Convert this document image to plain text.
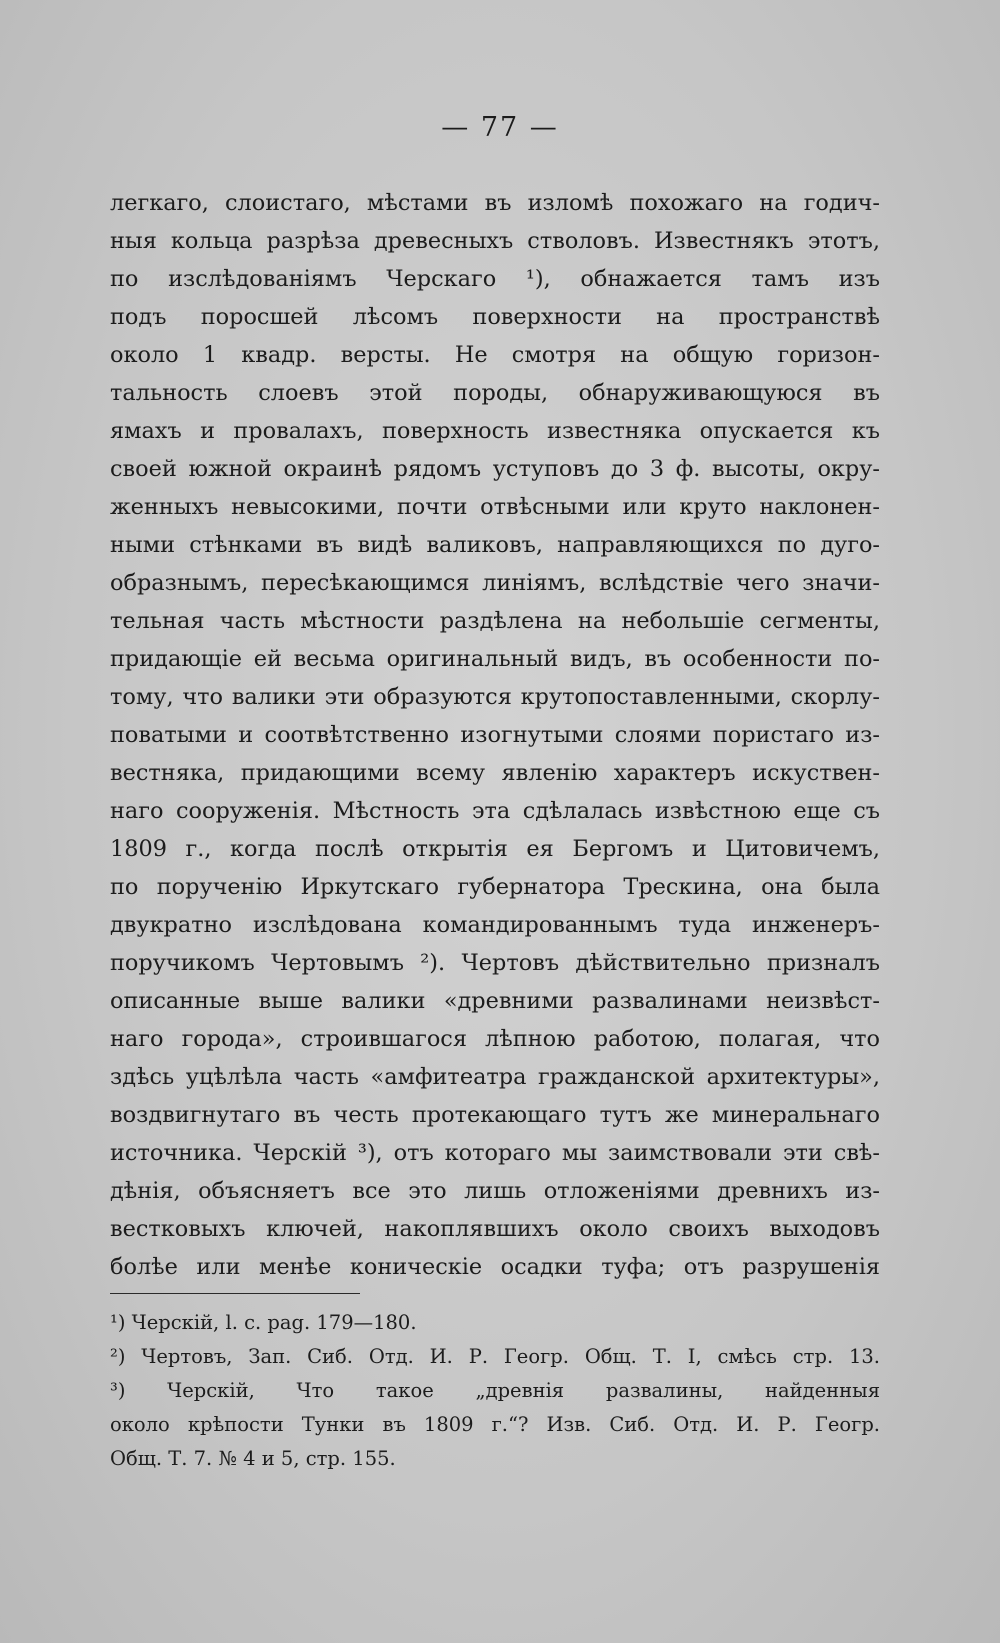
— 77 —
легкаго, слоистаго, мѣстами въ изломѣ похожаго на годич-
ныя кольца разрѣза древесныхъ стволовъ. Известнякъ этотъ,
по изслѣдованіямъ Черскаго ¹), обнажается тамъ изъ
подъ поросшей лѣсомъ поверхности на пространствѣ
около 1 квадр. версты. Не смотря на общую горизон-
тальность слоевъ этой породы, обнаруживающуюся въ
ямахъ и провалахъ, поверхность известняка опускается къ
своей южной окраинѣ рядомъ уступовъ до 3 ф. высоты, окру-
женныхъ невысокими, почти отвѣсными или круто наклонен-
ными стѣнками въ видѣ валиковъ, направляющихся по дуго-
образнымъ, пересѣкающимся линіямъ, вслѣдствіе чего значи-
тельная часть мѣстности раздѣлена на небольшіе сегменты,
придающіе ей весьма оригинальный видъ, въ особенности по-
тому, что валики эти образуются крутопоставленными, скорлу-
поватыми и соотвѣтственно изогнутыми слоями пористаго из-
вестняка, придающими всему явленію характеръ искуствен-
наго сооруженія. Мѣстность эта сдѣлалась извѣстною еще съ
1809 г., когда послѣ открытія ея Бергомъ и Цитовичемъ,
по порученію Иркутскаго губернатора Трескина, она была
двукратно изслѣдована командированнымъ туда инженеръ-
поручикомъ Чертовымъ ²). Чертовъ дѣйствительно призналъ
описанные выше валики «древними развалинами неизвѣст-
наго города», строившагося лѣпною работою, полагая, что
здѣсь уцѣлѣла часть «амфитеатра гражданской архитектуры»,
воздвигнутаго въ честь протекающаго тутъ же минеральнаго
источника. Черскій ³), отъ котораго мы заимствовали эти свѣ-
дѣнія, объясняетъ все это лишь отложеніями древнихъ из-
вестковыхъ ключей, накоплявшихъ около своихъ выходовъ
болѣе или менѣе коническіе осадки туфа; отъ разрушенія
¹) Черскій, l. c. pag. 179—180.
²) Чертовъ, Зап. Сиб. Отд. И. Р. Геогр. Общ. Т. I, смѣсь стр. 13.
³) Черскій, Что такое „древнія развалины, найденныя
около крѣпости Тунки въ 1809 г.“? Изв. Сиб. Отд. И. Р. Геогр.
Общ. Т. 7. № 4 и 5, стр. 155.
